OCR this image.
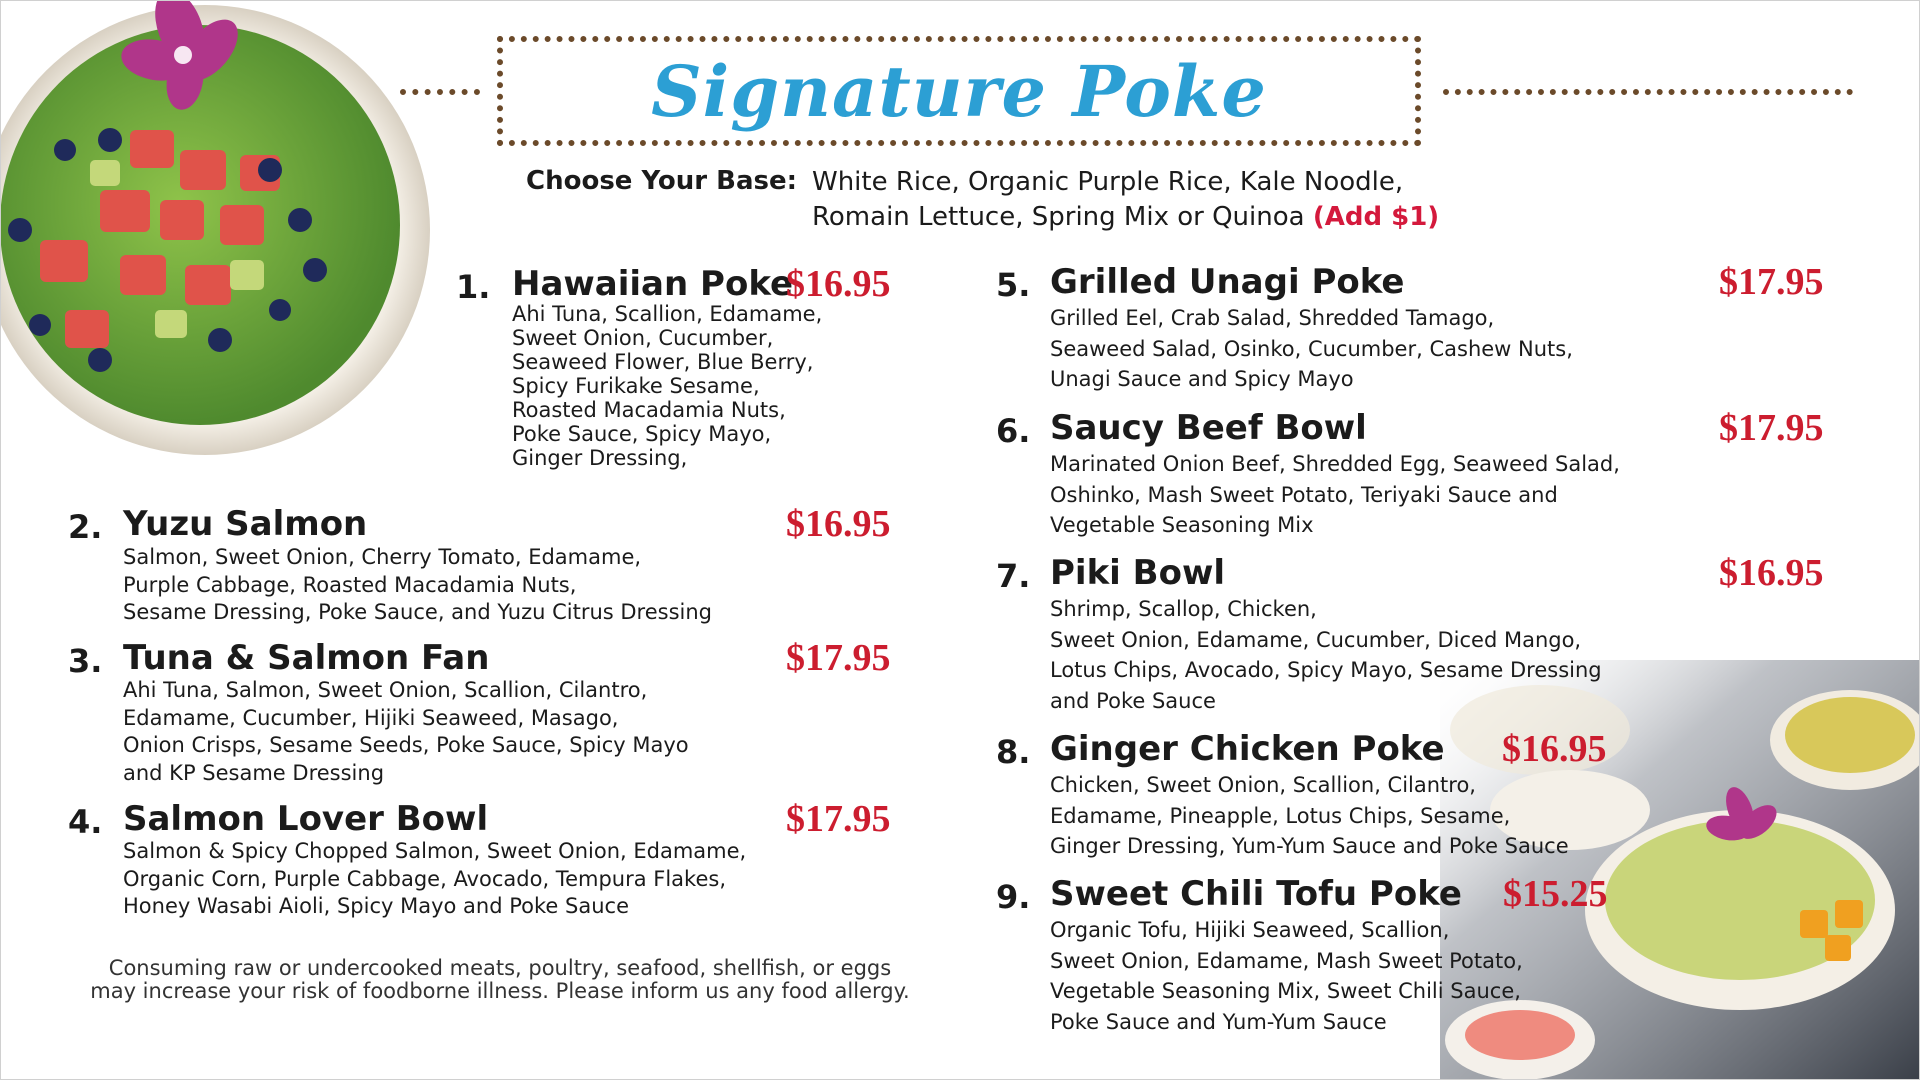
Signature Poke
Choose Your Base: White Rice, Organic Purple Rice, Kale Noodle,
Romain Lettuce, Spring Mix or Quinoa (Add $1)
1. Hawaiian Poke
$16.95
Ahi Tuna, Scallion, Edamame,
Sweet Onion, Cucumber,
Seaweed Flower, Blue Berry,
Spicy Furikake Sesame,
Roasted Macadamia Nuts,
Poke Sauce, Spicy Mayo,
Ginger Dressing,
2. Yuzu Salmon	$16.95
Salmon, Sweet Onion, Cherry Tomato, Edamame,
Purple Cabbage, Roasted Macadamia Nuts,
Sesame Dressing, Poke Sauce, and Yuzu Citrus Dressing
3. Tuna & Salmon Fan	$17.95
Ahi Tuna, Salmon, Sweet Onion, Scallion, Cilantro,
Edamame, Cucumber, Hijiki Seaweed, Masago,
Onion Crisps, Sesame Seeds, Poke Sauce, Spicy Mayo
and KP Sesame Dressing
4. Salmon Lover Bowl	$17.95
Salmon & Spicy Chopped Salmon, Sweet Onion, Edamame,
Organic Corn, Purple Cabbage, Avocado, Tempura Flakes,
Honey Wasabi Aioli, Spicy Mayo and Poke Sauce
5. Grilled Unagi Poke	$17.95
Grilled Eel, Crab Salad, Shredded Tamago,
Seaweed Salad, Osinko, Cucumber, Cashew Nuts,
Unagi Sauce and Spicy Mayo
6. Saucy Beef Bowl	$17.95
Marinated Onion Beef, Shredded Egg, Seaweed Salad,
Oshinko, Mash Sweet Potato, Teriyaki Sauce and
Vegetable Seasoning Mix
7. Piki Bowl	$16.95
Shrimp, Scallop, Chicken,
Sweet Onion, Edamame, Cucumber, Diced Mango,
Lotus Chips, Avocado, Spicy Mayo, Sesame Dressing
and Poke Sauce
8. Ginger Chicken Poke $16.95
Chicken, Sweet Onion, Scallion, Cilantro,
Edamame, Pineapple, Lotus Chips, Sesame,
Ginger Dressing, Yum-Yum Sauce and Poke Sauce
9. Sweet Chili Tofu Poke $15.25
Organic Tofu, Hijiki Seaweed, Scallion,
Sweet Onion, Edamame, Mash Sweet Potato,
Vegetable Seasoning Mix, Sweet Chili Sauce,
Poke Sauce and Yum-Yum Sauce
Consuming raw or undercooked meats, poultry, seafood, shellfish, or eggs
may increase your risk of foodborne illness. Please inform us any food allergy.
